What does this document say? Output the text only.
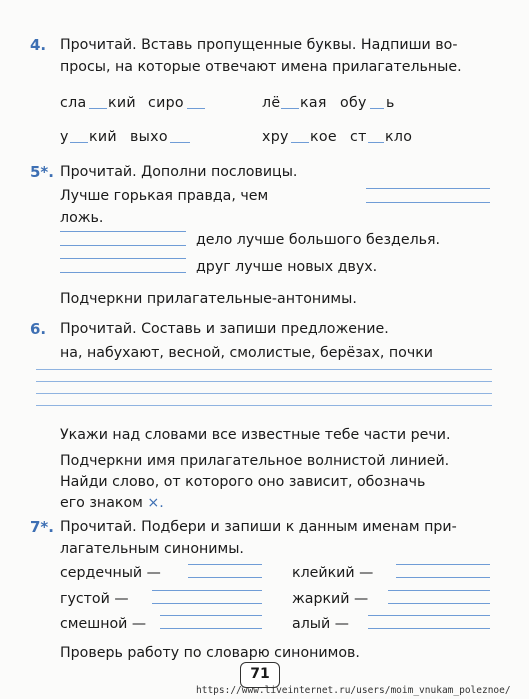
4. Прочитай. Вставь пропущенные буквы. Надпиши во-
просы, на которые отвечают имена прилагательные.
сла кий сиро	лё кая обу ь
у кий выхо	хру кое ст кло
5*. Прочитай. Дополни пословицы.
Лучше горькая правда, чем
ложь.
дело лучше большого безделья.
друг лучше новых двух.
Подчеркни прилагательные-антонимы.
6. Прочитай. Составь и запиши предложение.
на, набухают, весной, смолистые, берёзах, почки
Укажи над словами все известные тебе части речи.
Подчеркни имя прилагательное волнистой линией.
Найди слово, от которого оно зависит, обозначь
его знаком ×.
7*. Прочитай. Подбери и запиши к данным именам при-
лагательным синонимы.
сердечный —
густой —
смешной —
клейкий —
жаркий —
алый —
Проверь работу по словарю синонимов.
71
https://www.liveinternet.ru/users/moim_vnukam_poleznoe/
